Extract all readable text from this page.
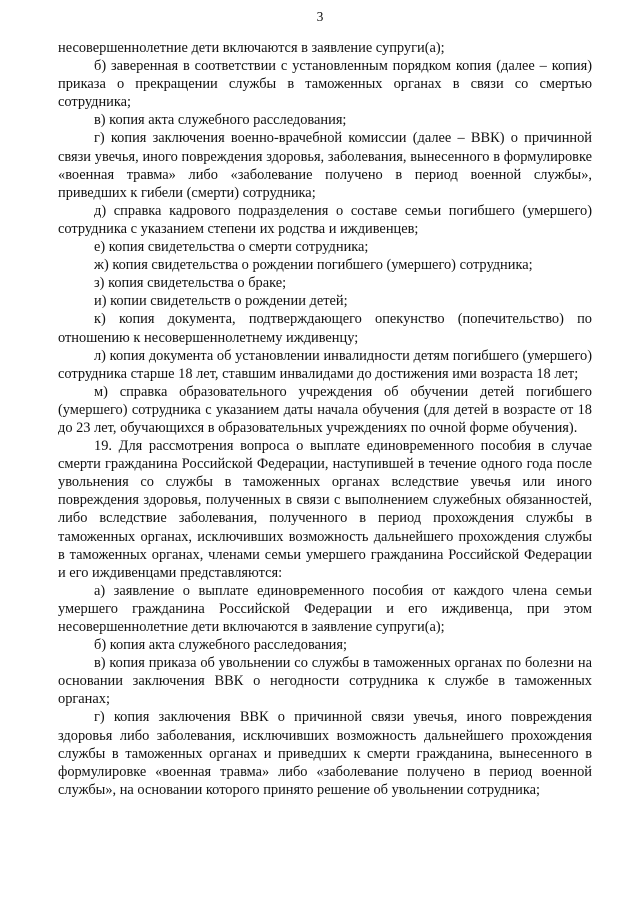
3

несовершеннолетние дети включаются в заявление супруги(а);

б) заверенная в соответствии с установленным порядком копия (далее – копия) приказа о прекращении службы в таможенных органах в связи со смертью сотрудника;

в) копия акта служебного расследования;

г) копия заключения военно-врачебной комиссии (далее – ВВК) о причинной связи увечья, иного повреждения здоровья, заболевания, вынесенного в формулировке «военная травма» либо «заболевание получено в период военной службы», приведших к гибели (смерти) сотрудника;

д) справка кадрового подразделения о составе семьи погибшего (умершего) сотрудника с указанием степени их родства и иждивенцев;

е) копия свидетельства о смерти сотрудника;

ж) копия свидетельства о рождении погибшего (умершего) сотрудника;

з) копия свидетельства о браке;

и) копии свидетельств о рождении детей;

к) копия документа, подтверждающего опекунство (попечительство) по отношению к несовершеннолетнему иждивенцу;

л) копия документа об установлении инвалидности детям погибшего (умершего) сотрудника старше 18 лет, ставшим инвалидами до достижения ими возраста 18 лет;

м) справка образовательного учреждения об обучении детей погибшего (умершего) сотрудника с указанием даты начала обучения (для детей в возрасте от 18 до 23 лет, обучающихся в образовательных учреждениях по очной форме обучения).

19. Для рассмотрения вопроса о выплате единовременного пособия в случае смерти гражданина Российской Федерации, наступившей в течение одного года после увольнения со службы в таможенных органах вследствие увечья или иного повреждения здоровья, полученных в связи с выполнением служебных обязанностей, либо вследствие заболевания, полученного в период прохождения службы в таможенных органах, исключивших возможность дальнейшего прохождения службы в таможенных органах, членами семьи умершего гражданина Российской Федерации и его иждивенцами представляются:

а) заявление о выплате единовременного пособия от каждого члена семьи умершего гражданина Российской Федерации и его иждивенца, при этом несовершеннолетние дети включаются в заявление супруги(а);

б) копия акта служебного расследования;

в) копия приказа об увольнении со службы в таможенных органах по болезни на основании заключения ВВК о негодности сотрудника к службе в таможенных органах;

г) копия заключения ВВК о причинной связи увечья, иного повреждения здоровья либо заболевания, исключивших возможность дальнейшего прохождения службы в таможенных органах и приведших к смерти гражданина, вынесенного в формулировке «военная травма» либо «заболевание получено в период военной службы», на основании которого принято решение об увольнении сотрудника;
